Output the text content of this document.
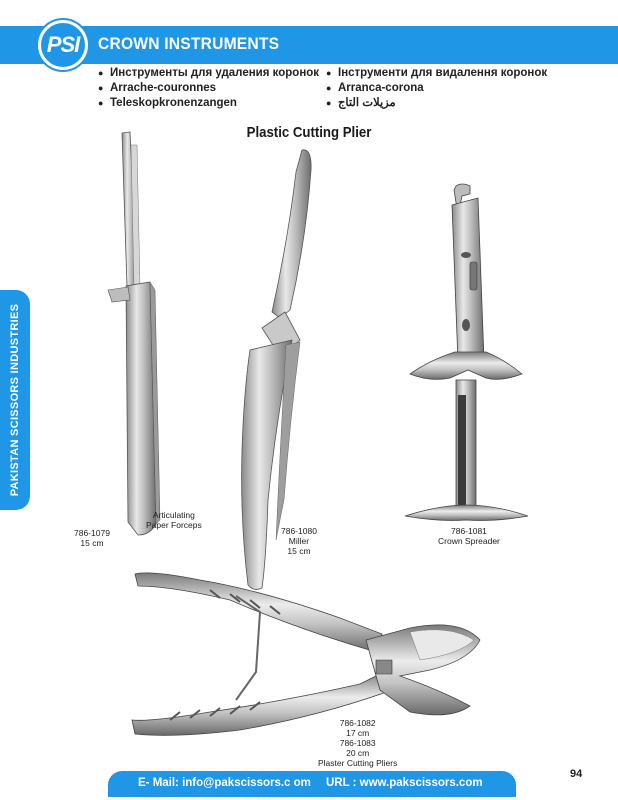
PSI	CROWN INSTRUMENTS
● Инструменты для удаления коронок
● Arrache-couronnes
● Teleskopkronenzangen
● Інструменти для видалення коронок
● Arranca-corona
● مزيلات التاج
Plastic Cutting Plier
PAKISTAN SCISSORS INDUSTRIES
Articulating
Paper Forceps
786-1079
15 cm
786-1080
Miller
15 cm
786-1081
Crown Spreader
786-1082
17 cm
786-1083
20 cm
Plaster Cutting Pliers
E- Mail: info@pakscissors.c om URL : www.pakscissors.com
94
